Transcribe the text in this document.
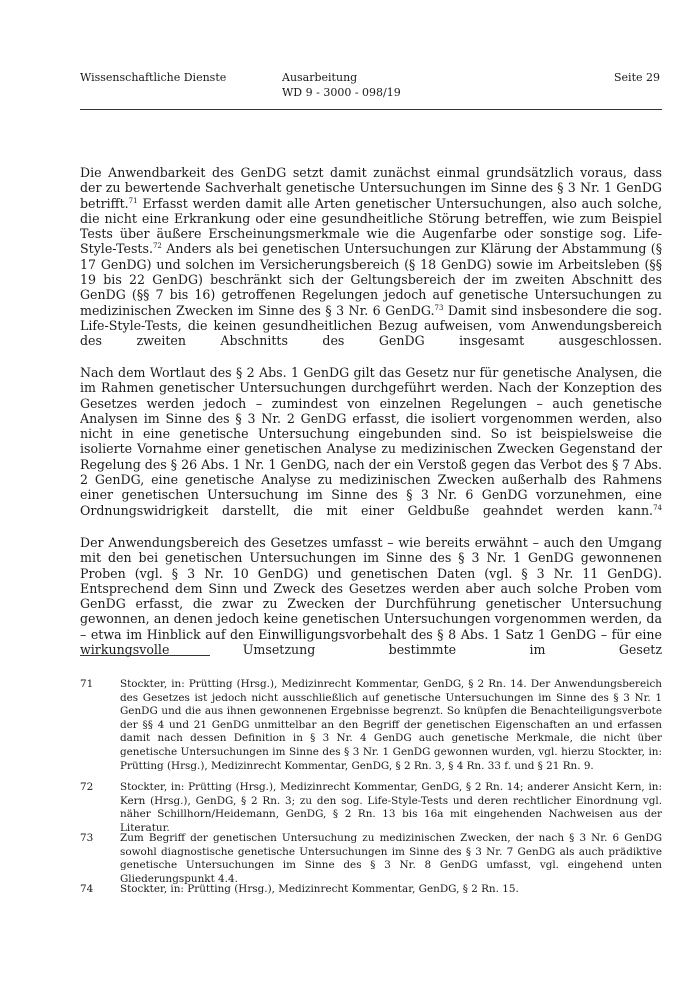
Wissenschaftliche Dienste	Ausarbeitung
WD 9 - 3000 - 098/19
Seite 29

Die Anwendbarkeit des GenDG setzt damit zunächst einmal grundsätzlich voraus, dass der zu bewertende Sachverhalt genetische Untersuchungen im Sinne des § 3 Nr. 1 GenDG betrifft.$^{71}$ Erfasst werden damit alle Arten genetischer Untersuchungen, also auch solche, die nicht eine Erkrankung oder eine gesundheitliche Störung betreffen, wie zum Beispiel Tests über äußere Erscheinungsmerkmale wie die Augenfarbe oder sonstige sog. Life-Style-Tests.$^{72}$ Anders als bei genetischen Untersuchungen zur Klärung der Abstammung (§ 17 GenDG) und solchen im Versicherungsbereich (§ 18 GenDG) sowie im Arbeitsleben (§§ 19 bis 22 GenDG) beschränkt sich der Geltungsbereich der im zweiten Abschnitt des GenDG (§§ 7 bis 16) getroffenen Regelungen jedoch auf genetische Untersuchungen zu medizinischen Zwecken im Sinne des § 3 Nr. 6 GenDG.$^{73}$ Damit sind insbesondere die sog. Life-Style-Tests, die keinen gesundheitlichen Bezug aufweisen, vom Anwendungsbereich des zweiten Abschnitts des GenDG insgesamt ausgeschlossen.

Nach dem Wortlaut des § 2 Abs. 1 GenDG gilt das Gesetz nur für genetische Analysen, die im Rahmen genetischer Untersuchungen durchgeführt werden. Nach der Konzeption des Gesetzes werden jedoch – zumindest von einzelnen Regelungen – auch genetische Analysen im Sinne des § 3 Nr. 2 GenDG erfasst, die isoliert vorgenommen werden, also nicht in eine genetische Untersuchung eingebunden sind. So ist beispielsweise die isolierte Vornahme einer genetischen Analyse zu medizinischen Zwecken Gegenstand der Regelung des § 26 Abs. 1 Nr. 1 GenDG, nach der ein Verstoß gegen das Verbot des § 7 Abs. 2 GenDG, eine genetische Analyse zu medizinischen Zwecken außerhalb des Rahmens einer genetischen Untersuchung im Sinne des § 3 Nr. 6 GenDG vorzunehmen, eine Ordnungswidrigkeit darstellt, die mit einer Geldbuße geahndet werden kann.$^{74}$

Der Anwendungsbereich des Gesetzes umfasst – wie bereits erwähnt – auch den Umgang mit den bei genetischen Untersuchungen im Sinne des § 3 Nr. 1 GenDG gewonnenen Proben (vgl. § 3 Nr. 10 GenDG) und genetischen Daten (vgl. § 3 Nr. 11 GenDG). Entsprechend dem Sinn und Zweck des Gesetzes werden aber auch solche Proben vom GenDG erfasst, die zwar zu Zwecken der Durchführung genetischer Untersuchung gewonnen, an denen jedoch keine genetischen Untersuchungen vorgenommen werden, da – etwa im Hinblick auf den Einwilligungsvorbehalt des § 8 Abs. 1 Satz 1 GenDG – für eine wirkungsvolle Umsetzung bestimmte im Gesetz

71	Stockter, in: Prütting (Hrsg.), Medizinrecht Kommentar, GenDG, § 2 Rn. 14. Der Anwendungsbereich des Gesetzes ist jedoch nicht ausschließlich auf genetische Untersuchungen im Sinne des § 3 Nr. 1 GenDG und die aus ihnen gewonnenen Ergebnisse begrenzt. So knüpfen die Benachteiligungsverbote der §§ 4 und 21 GenDG unmittelbar an den Begriff der genetischen Eigenschaften an und erfassen damit nach dessen Definition in § 3 Nr. 4 GenDG auch genetische Merkmale, die nicht über genetische Untersuchungen im Sinne des § 3 Nr. 1 GenDG gewonnen wurden, vgl. hierzu Stockter, in: Prütting (Hrsg.), Medizinrecht Kommentar, GenDG, § 2 Rn. 3, § 4 Rn. 33 f. und § 21 Rn. 9.
72	Stockter, in: Prütting (Hrsg.), Medizinrecht Kommentar, GenDG, § 2 Rn. 14; anderer Ansicht Kern, in: Kern (Hrsg.), GenDG, § 2 Rn. 3; zu den sog. Life-Style-Tests und deren rechtlicher Einordnung vgl. näher Schillhorn/Heidemann, GenDG, § 2 Rn. 13 bis 16a mit eingehenden Nachweisen aus der Literatur.
73	Zum Begriff der genetischen Untersuchung zu medizinischen Zwecken, der nach § 3 Nr. 6 GenDG sowohl diagnostische genetische Untersuchungen im Sinne des § 3 Nr. 7 GenDG als auch prädiktive genetische Untersuchungen im Sinne des § 3 Nr. 8 GenDG umfasst, vgl. eingehend unten Gliederungspunkt 4.4.
74	Stockter, in: Prütting (Hrsg.), Medizinrecht Kommentar, GenDG, § 2 Rn. 15.
